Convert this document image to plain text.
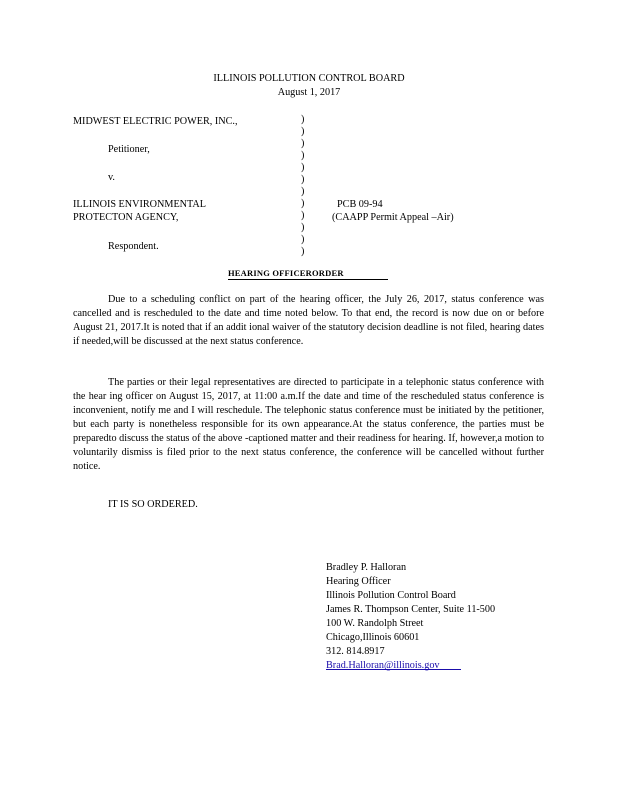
ILLINOIS POLLUTION CONTROL BOARD
August 1, 2017
MIDWEST ELECTRIC POWER, INC.,
Petitioner,
v.
ILLINOIS ENVIRONMENTAL
PROTECTON AGENCY,
Respondent.
)
)
)
)
)
)
)
)
)
)
)
)
PCB 09-94
(CAAPP Permit Appeal –Air)
HEARING OFFICERORDER

Due to a scheduling conflict on part of the hearing officer, the July 26, 2017, status conference was cancelled and is rescheduled to the date and time noted below. To that end, the record is now due on or before August 21, 2017.It is noted that if an addit ional waiver of the statutory decision deadline is not filed, hearing dates if needed,will be discussed at the next status conference.

The parties or their legal representatives are directed to participate in a telephonic status conference with the hear ing officer on August 15, 2017, at 11:00 a.m.If the date and time of the rescheduled status conference is inconvenient, notify me and I will reschedule. The telephonic status conference must be initiated by the petitioner, but each party is nonetheless responsible for its own appearance.At the status conference, the parties must be preparedto discuss the status of the above -captioned matter and their readiness for hearing. If, however,a motion to voluntarily dismiss is filed prior to the next status conference, the conference will be cancelled without further notice.

IT IS SO ORDERED.
Bradley P. Halloran
Hearing Officer
Illinois Pollution Control Board
James R. Thompson Center, Suite 11-500
100 W. Randolph Street
Chicago,Illinois 60601
312. 814.8917
Brad.Halloran@illinois.gov
